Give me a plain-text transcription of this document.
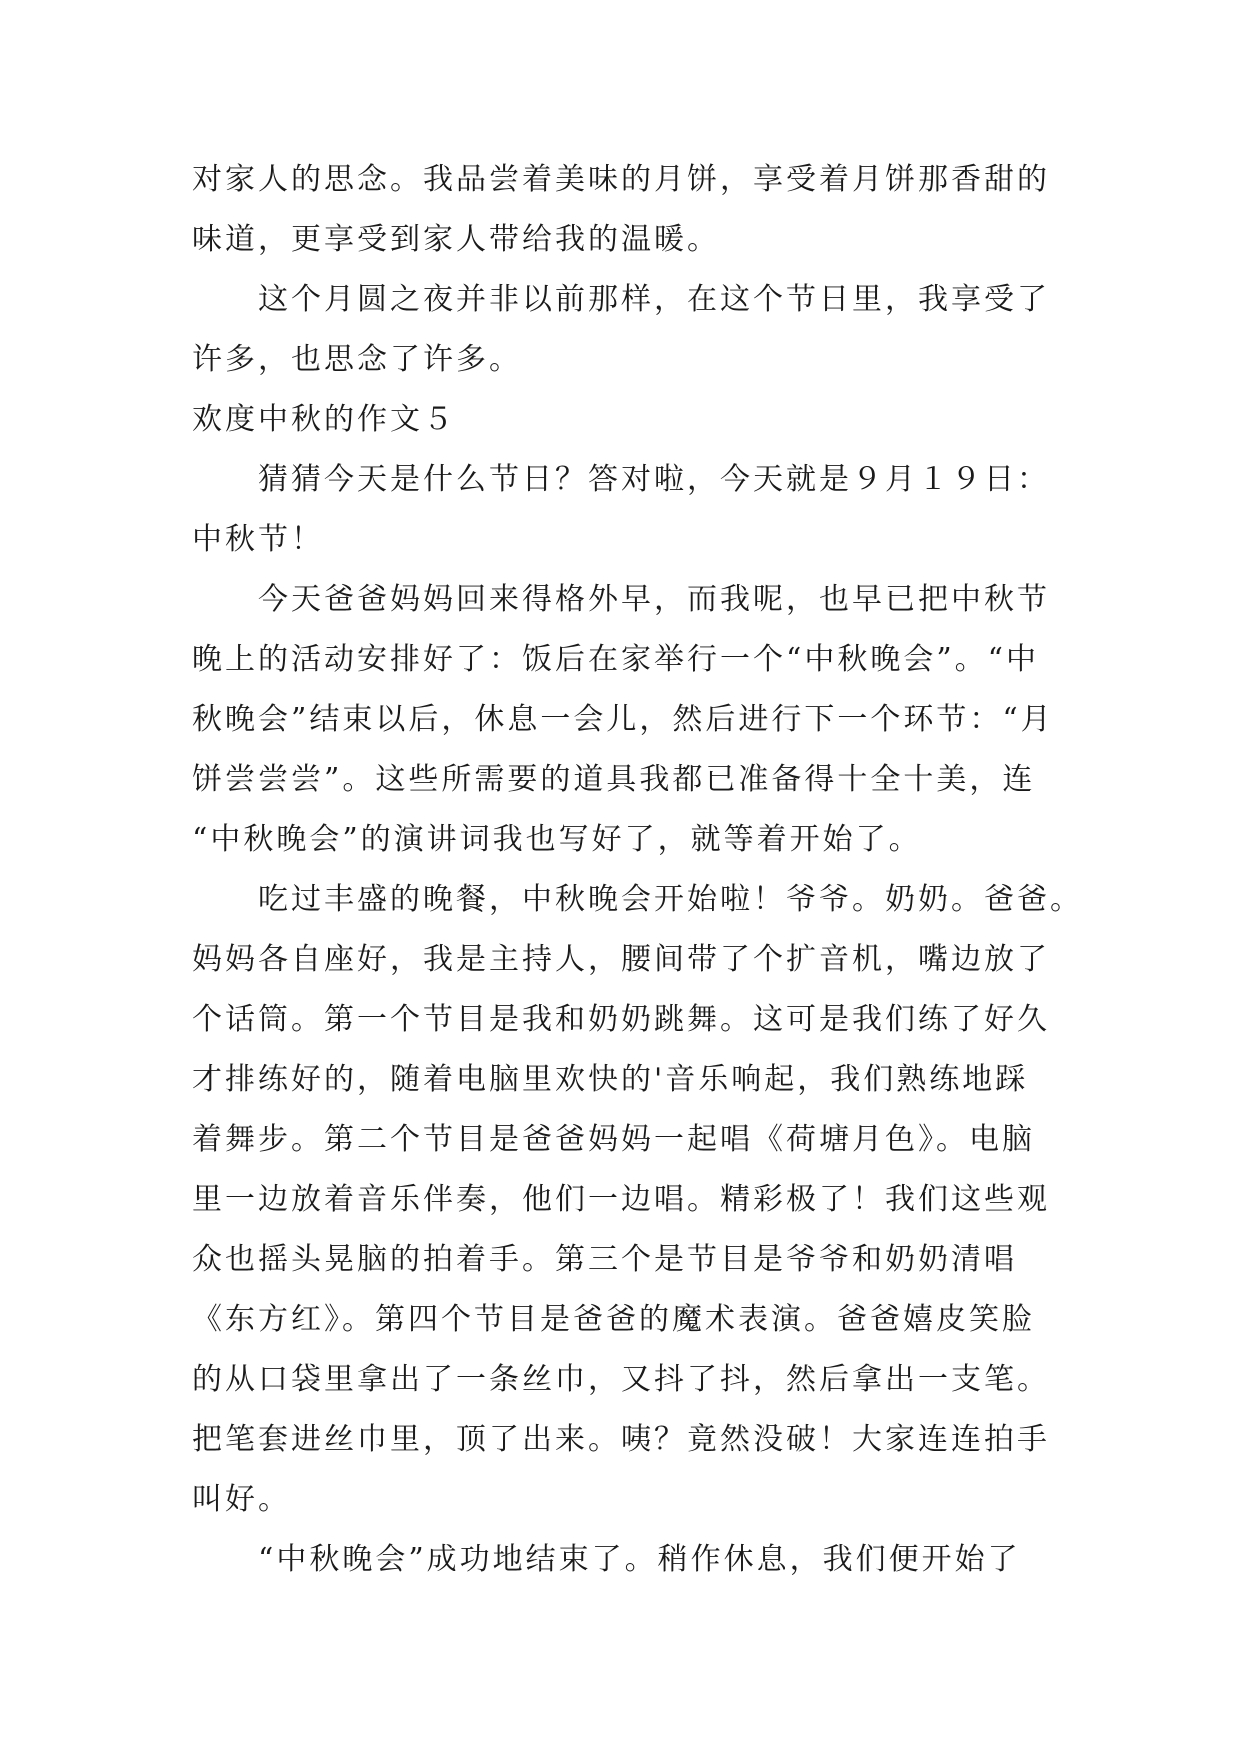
对家人的思念。我品尝着美味的月饼，享受着月饼那香甜的
味道，更享受到家人带给我的温暖。
这个月圆之夜并非以前那样，在这个节日里，我享受了
许多，也思念了许多。
欢度中秋的作文５
猜猜今天是什么节日？答对啦，今天就是９月１９日：
中秋节！
今天爸爸妈妈回来得格外早，而我呢，也早已把中秋节
晚上的活动安排好了：饭后在家举行一个“中秋晚会”。“中
秋晚会”结束以后，休息一会儿，然后进行下一个环节：“月
饼尝尝尝”。这些所需要的道具我都已准备得十全十美，连
“中秋晚会”的演讲词我也写好了，就等着开始了。
吃过丰盛的晚餐，中秋晚会开始啦！爷爷。奶奶。爸爸。
妈妈各自座好，我是主持人，腰间带了个扩音机，嘴边放了
个话筒。第一个节目是我和奶奶跳舞。这可是我们练了好久
才排练好的，随着电脑里欢快的'音乐响起，我们熟练地踩
着舞步。第二个节目是爸爸妈妈一起唱《荷塘月色》。电脑
里一边放着音乐伴奏，他们一边唱。精彩极了！我们这些观
众也摇头晃脑的拍着手。第三个是节目是爷爷和奶奶清唱
《东方红》。第四个节目是爸爸的魔术表演。爸爸嬉皮笑脸
的从口袋里拿出了一条丝巾，又抖了抖，然后拿出一支笔。
把笔套进丝巾里，顶了出来。咦？竟然没破！大家连连拍手
叫好。
“中秋晚会”成功地结束了。稍作休息，我们便开始了
